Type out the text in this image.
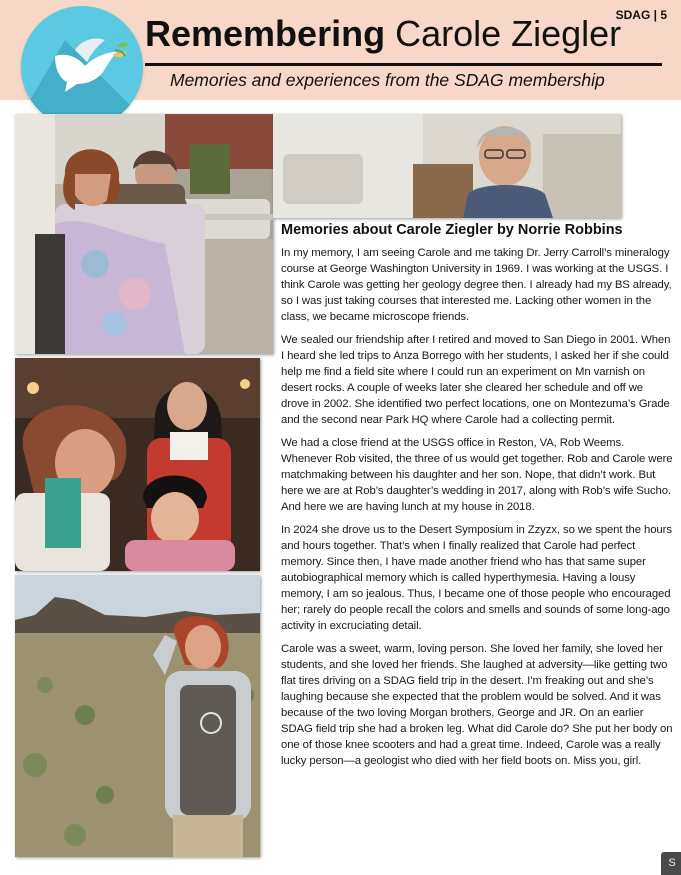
SDAG | 5
Remembering Carole Ziegler
Memories and experiences from the SDAG membership
Memories about Carole Ziegler by Norrie Robbins

In my memory, I am seeing Carole and me taking Dr. Jerry Carroll’s mineralogy course at George Washington University in 1969. I was working at the USGS. I think Carole was getting her geology degree then. I already had my BS already, so I was just taking courses that interested me. Lacking other women in the class, we became microscope friends.

We sealed our friendship after I retired and moved to San Diego in 2001. When I heard she led trips to Anza Borrego with her students, I asked her if she could help me find a field site where I could run an experiment on Mn varnish on desert rocks. A couple of weeks later she cleared her schedule and off we drove in 2002. She identified two perfect locations, one on Montezuma’s Grade and the second near Park HQ where Carole had a collecting permit.

We had a close friend at the USGS office in Reston, VA, Rob Weems. Whenever Rob visited, the three of us would get together. Rob and Carole were matchmaking between his daughter and her son. Nope, that didn’t work. But here we are at Rob’s daughter’s wedding in 2017, along with Rob’s wife Sucho. And here we are having lunch at my house in 2018.

In 2024 she drove us to the Desert Symposium in Zzyzx, so we spent the hours and hours together. That’s when I finally realized that Carole had perfect memory. Since then, I have made another friend who has that same super autobiographical memory which is called hyperthymesia. Having a lousy memory, I am so jealous. Thus, I became one of those people who encouraged her; rarely do people recall the colors and smells and sounds of some long-ago activity in excruciating detail.

Carole was a sweet, warm, loving person. She loved her family, she loved her students, and she loved her friends. She laughed at adversity—like getting two flat tires driving on a SDAG field trip in the desert. I’m freaking out and she’s laughing because she expected that the problem would be solved. And it was because of the two loving Morgan brothers, George and JR. On an earlier SDAG field trip she had a broken leg. What did Carole do? She put her body on one of those knee scooters and had a great time. Indeed, Carole was a really lucky person—a geologist who died with her field boots on. Miss you, girl.

S
